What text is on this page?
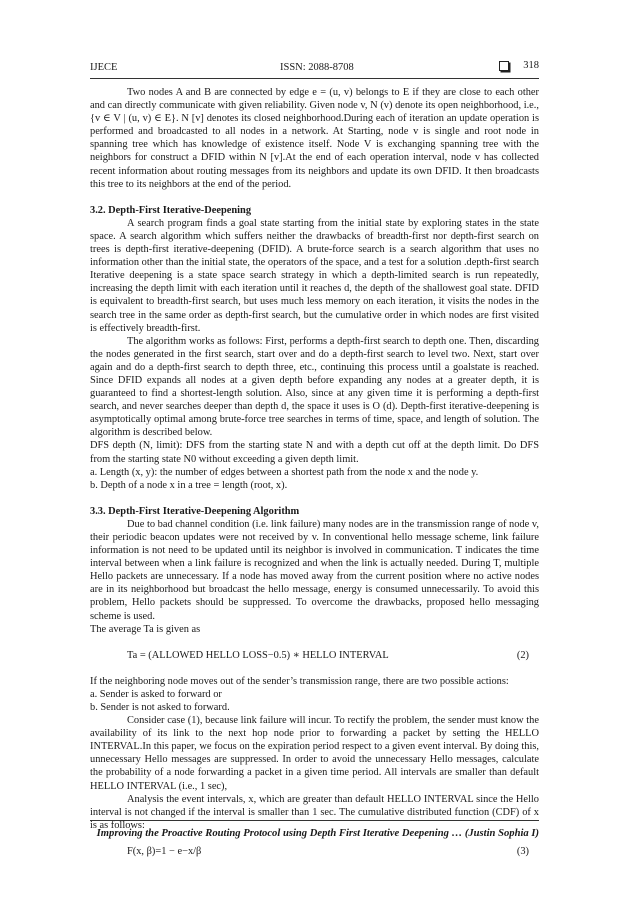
IJECE	ISSN: 2088-8708	318

Two nodes A and B are connected by edge e = (u, v) belongs to E if they are close to each other and can directly communicate with given reliability. Given node v, N (v) denote its open neighborhood, i.e., {v ∈ V | (u, v) ∈ E}. N [v] denotes its closed neighborhood.During each of iteration an update operation is performed and broadcasted to all nodes in a network. At Starting, node v is single and root node in spanning tree which has knowledge of existence itself. Node V is exchanging spanning tree with the neighbors for construct a DFID within N [v].At the end of each operation interval, node v has collected recent information about routing messages from its neighbors and update its own DFID. It then broadcasts this tree to its neighbors at the end of the period.

3.2. Depth-First Iterative-Deepening

A search program finds a goal state starting from the initial state by exploring states in the state space. A search algorithm which suffers neither the drawbacks of breadth-first nor depth-first search on trees is depth-first iterative-deepening (DFID). A brute-force search is a search algorithm that uses no information other than the initial state, the operators of the space, and a test for a solution .depth-first search Iterative deepening is a state space search strategy in which a depth-limited search is run repeatedly, increasing the depth limit with each iteration until it reaches d, the depth of the shallowest goal state. DFID is equivalent to breadth-first search, but uses much less memory on each iteration, it visits the nodes in the search tree in the same order as depth-first search, but the cumulative order in which nodes are first visited is effectively breadth-first.

The algorithm works as follows: First, performs a depth-first search to depth one. Then, discarding the nodes generated in the first search, start over and do a depth-first search to level two. Next, start over again and do a depth-first search to depth three, etc., continuing this process until a goalstate is reached. Since DFID expands all nodes at a given depth before expanding any nodes at a greater depth, it is guaranteed to find a shortest-length solution. Also, since at any given time it is performing a depth-first search, and never searches deeper than depth d, the space it uses is O (d). Depth-first iterative-deepening is asymptotically optimal among brute-force tree searches in terms of time, space, and length of solution. The algorithm is described below.

DFS depth (N, limit): DFS from the starting state N and with a depth cut off at the depth limit. Do DFS from the starting state N0 without exceeding a given depth limit.

a. Length (x, y): the number of edges between a shortest path from the node x and the node y.

b. Depth of a node x in a tree = length (root, x).

3.3. Depth-First Iterative-Deepening Algorithm

Due to bad channel condition (i.e. link failure) many nodes are in the transmission range of node v, their periodic beacon updates were not received by v. In conventional hello message scheme, link failure information is not need to be updated until its neighbor is involved in communication. T indicates the time interval between when a link failure is recognized and when the link is actually needed. During T, multiple Hello packets are unnecessary. If a node has moved away from the current position where no active nodes are in its neighborhood but broadcast the hello message, energy is consumed unnecessarily. To avoid this problem, Hello packets should be suppressed. To overcome the drawbacks, proposed hello messaging scheme is used.

The average Ta is given as

Ta = (ALLOWED HELLO LOSS−0.5) ∗ HELLO INTERVAL	(2)

If the neighboring node moves out of the sender’s transmission range, there are two possible actions:

a. Sender is asked to forward or

b. Sender is not asked to forward.

Consider case (1), because link failure will incur. To rectify the problem, the sender must know the availability of its link to the next hop node prior to forwarding a packet by setting the HELLO INTERVAL.In this paper, we focus on the expiration period respect to a given event interval. By doing this, unnecessary Hello messages are suppressed. In order to avoid the unnecessary Hello messages, calculate the probability of a node forwarding a packet in a given time period. All intervals are smaller than default HELLO INTERVAL (i.e., 1 sec),

Analysis the event intervals, x, which are greater than default HELLO INTERVAL since the Hello interval is not changed if the interval is smaller than 1 sec. The cumulative distributed function (CDF) of x is as follows:

F(x, β)=1 − e−x/β	(3)
Improving the Proactive Routing Protocol using Depth First Iterative Deepening … (Justin Sophia I)
